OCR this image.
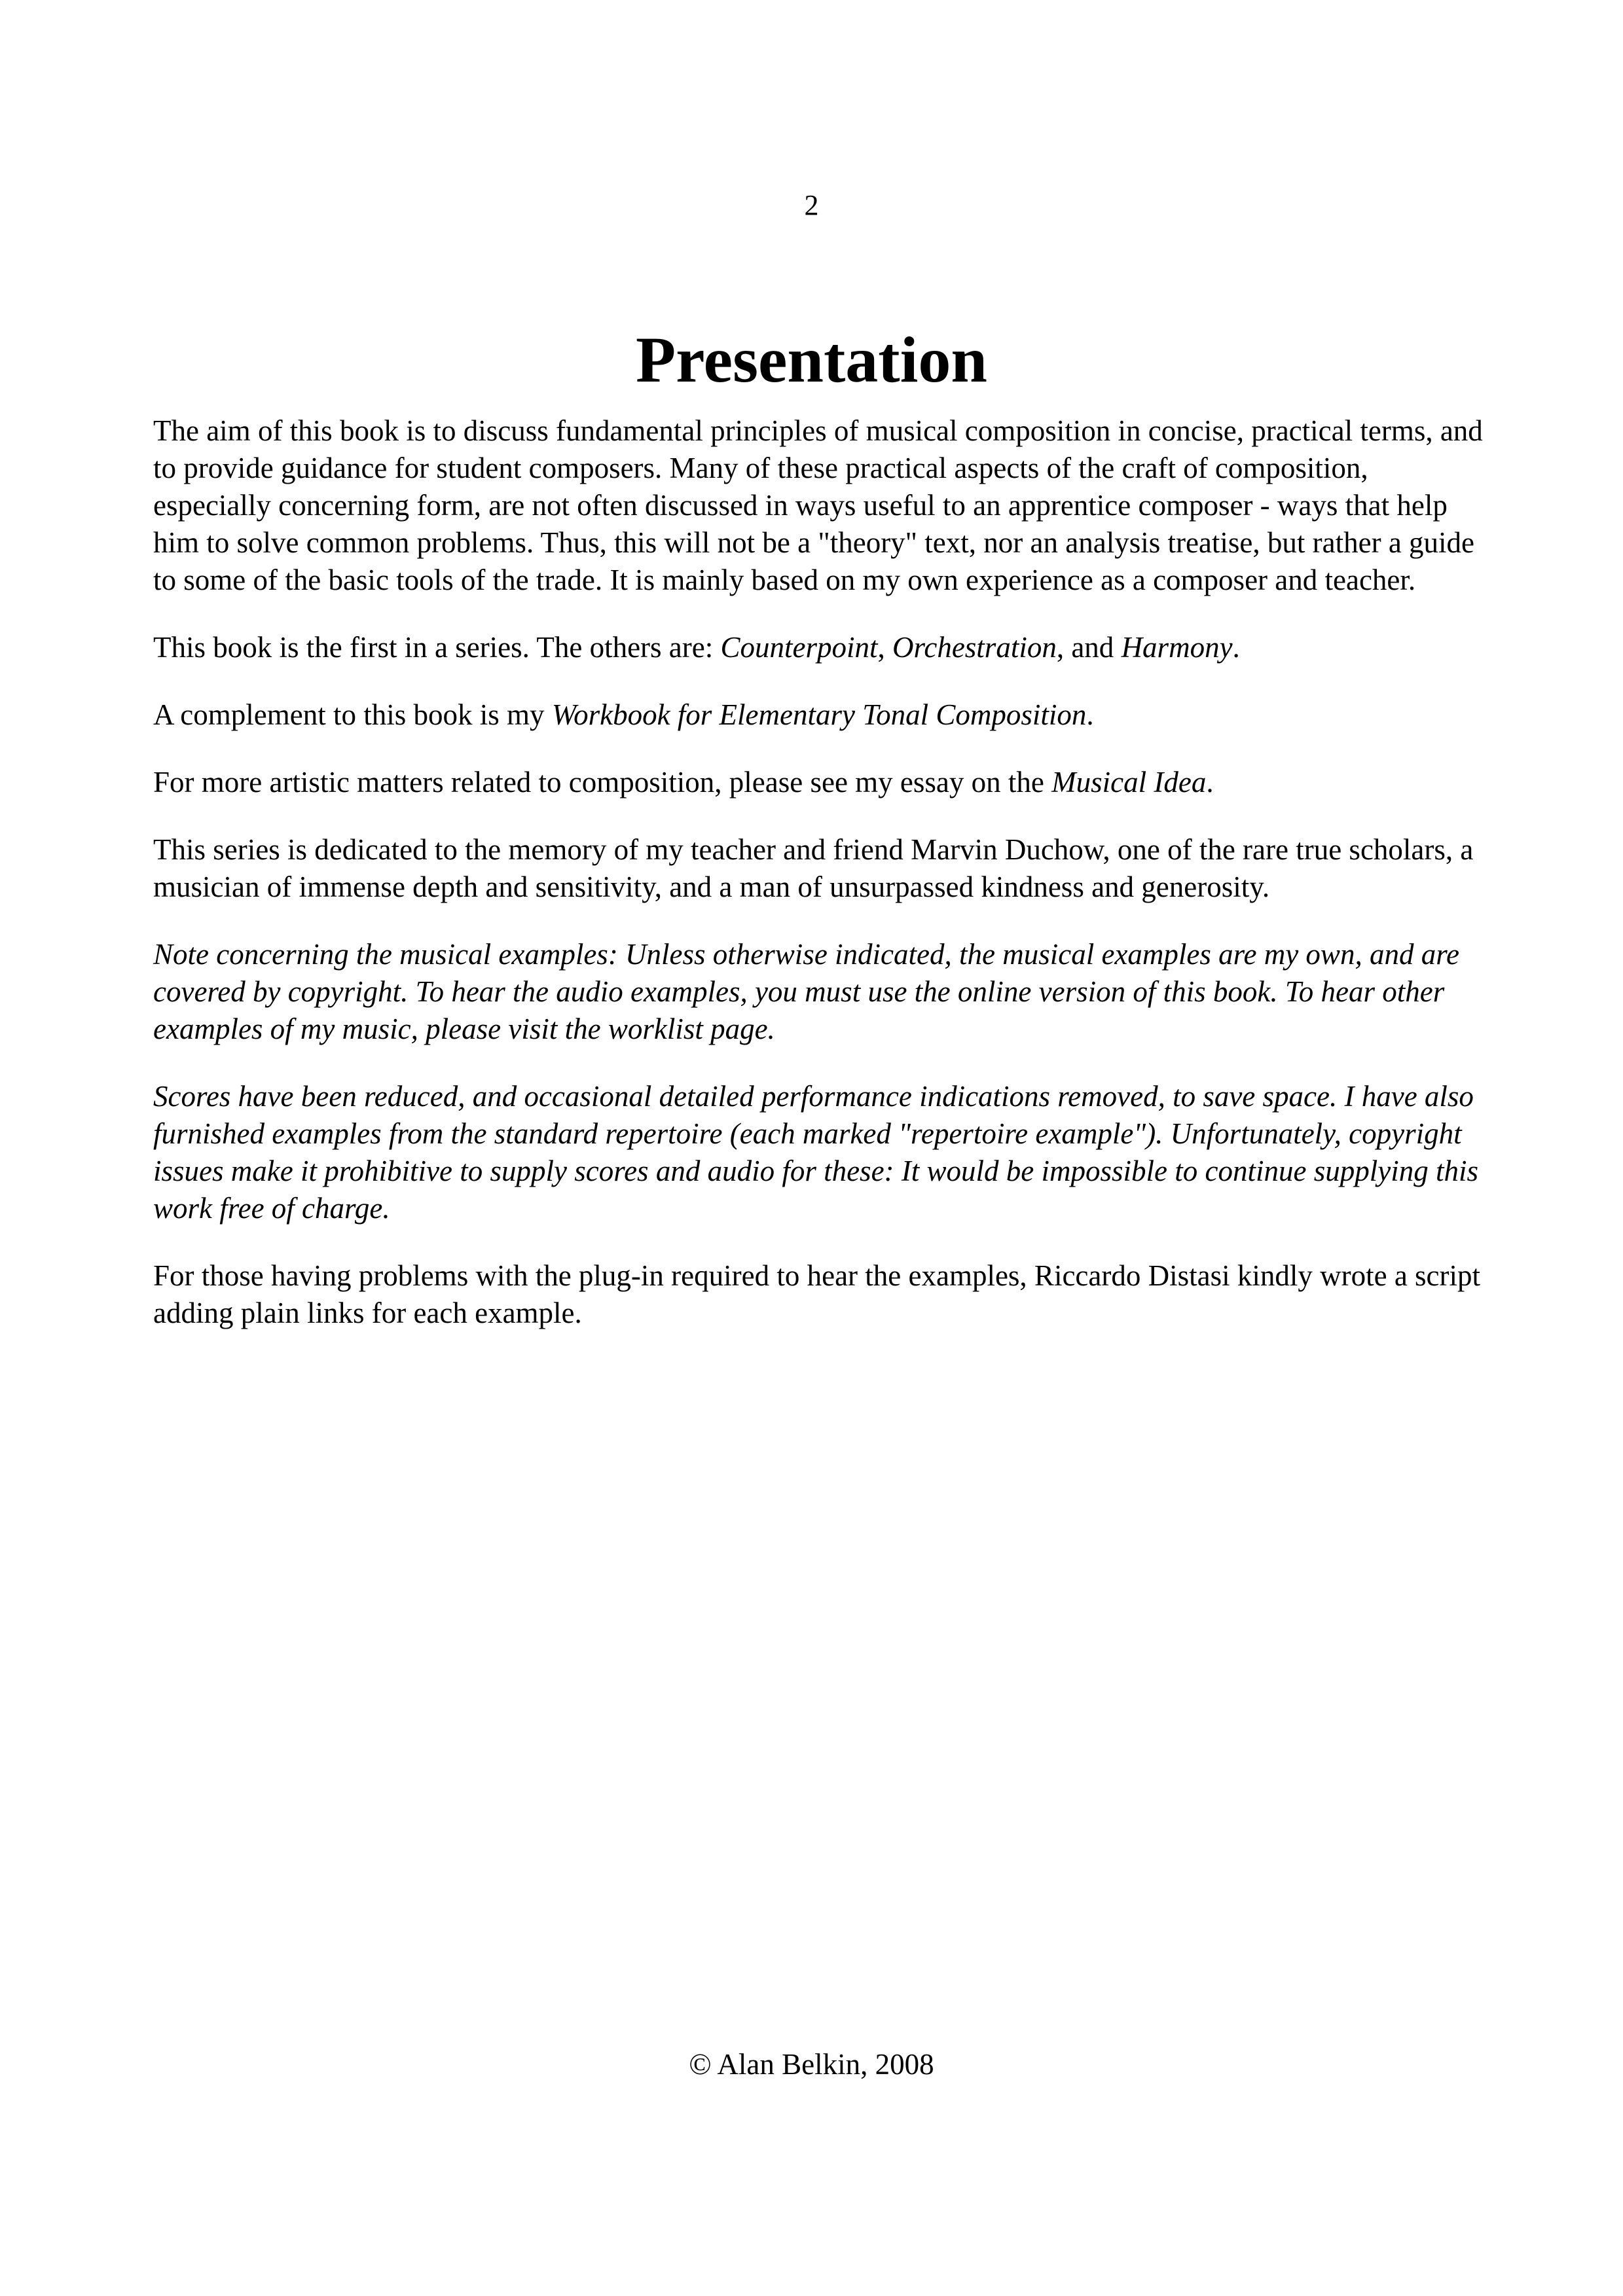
2
Presentation

The aim of this book is to discuss fundamental principles of musical composition in concise, practical terms, and to provide guidance for student composers. Many of these practical aspects of the craft of composition, especially concerning form, are not often discussed in ways useful to an apprentice composer - ways that help him to solve common problems. Thus, this will not be a "theory" text, nor an analysis treatise, but rather a guide to some of the basic tools of the trade. It is mainly based on my own experience as a composer and teacher.

This book is the first in a series. The others are: Counterpoint, Orchestration, and Harmony.

A complement to this book is my Workbook for Elementary Tonal Composition.

For more artistic matters related to composition, please see my essay on the Musical Idea.

This series is dedicated to the memory of my teacher and friend Marvin Duchow, one of the rare true scholars, a musician of immense depth and sensitivity, and a man of unsurpassed kindness and generosity.

Note concerning the musical examples: Unless otherwise indicated, the musical examples are my own, and are covered by copyright. To hear the audio examples, you must use the online version of this book. To hear other examples of my music, please visit the worklist page.

Scores have been reduced, and occasional detailed performance indications removed, to save space. I have also furnished examples from the standard repertoire (each marked "repertoire example"). Unfortunately, copyright issues make it prohibitive to supply scores and audio for these: It would be impossible to continue supplying this work free of charge.

For those having problems with the plug-in required to hear the examples, Riccardo Distasi kindly wrote a script adding plain links for each example.

© Alan Belkin, 2008
